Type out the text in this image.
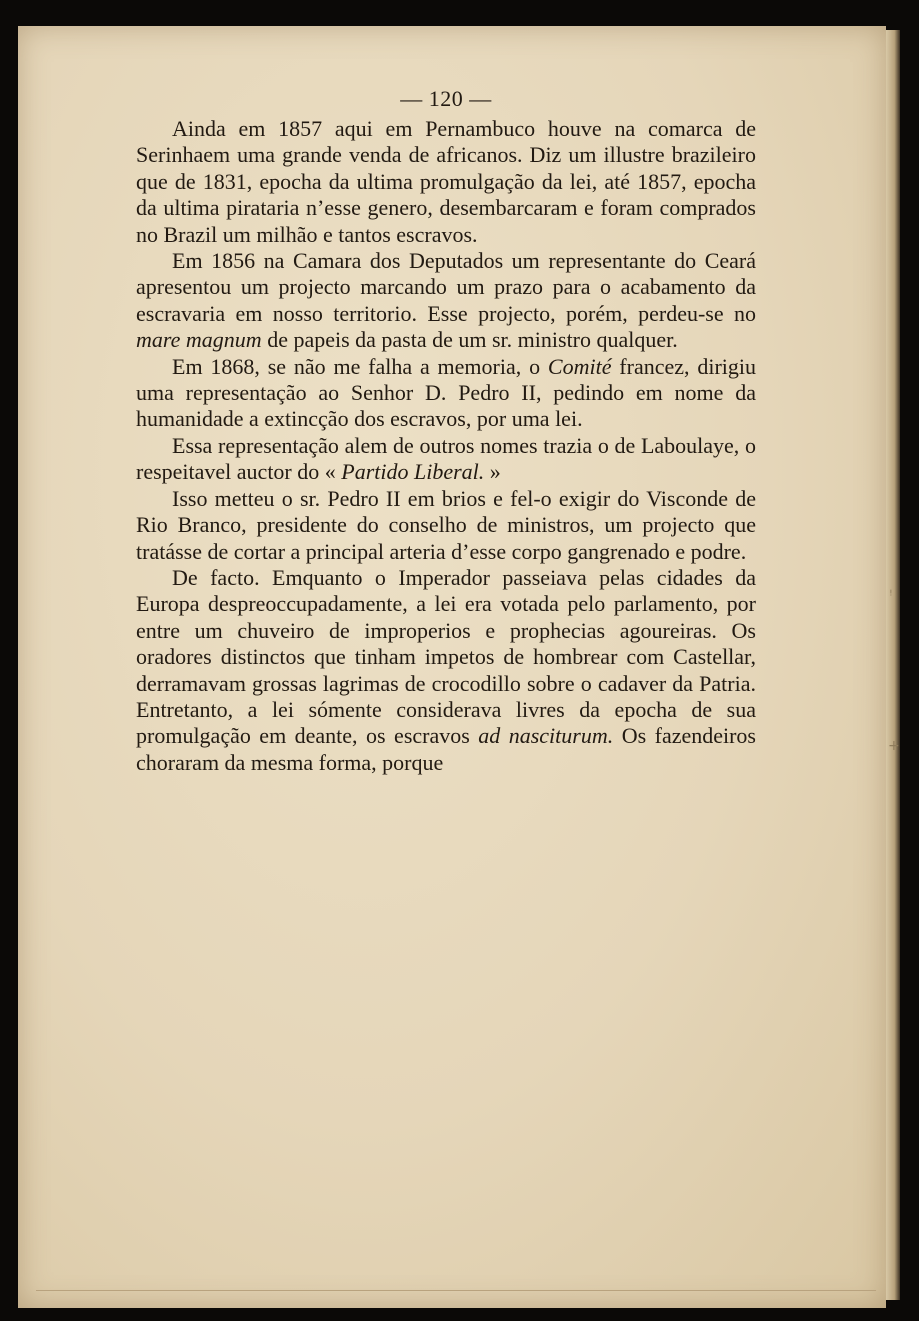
ꜝ
+
— 120 —

Ainda em 1857 aqui em Pernambuco houve na comarca de Serinhaem uma grande venda de africanos. Diz um illustre brazileiro que de 1831, epocha da ultima promulgação da lei, até 1857, epocha da ultima pirataria n’esse genero, desembarcaram e foram comprados no Brazil um milhão e tantos escravos.

Em 1856 na Camara dos Deputados um representante do Ceará apresentou um projecto marcando um prazo para o acabamento da escravaria em nosso territorio. Esse projecto, porém, perdeu-se no mare magnum de papeis da pasta de um sr. ministro qualquer.

Em 1868, se não me falha a memoria, o Comité francez, dirigiu uma representação ao Senhor D. Pedro II, pedindo em nome da humanidade a extincção dos escravos, por uma lei.

Essa representação alem de outros nomes trazia o de Laboulaye, o respeitavel auctor do « Partido Liberal. »

Isso metteu o sr. Pedro II em brios e fel-o exigir do Visconde de Rio Branco, presidente do conselho de ministros, um projecto que tratásse de cortar a principal arteria d’esse corpo gangrenado e podre.

De facto. Emquanto o Imperador passeiava pelas cidades da Europa despreoccupadamente, a lei era votada pelo parlamento, por entre um chuveiro de improperios e prophecias agoureiras. Os oradores distinctos que tinham impetos de hombrear com Castellar, derramavam grossas lagrimas de crocodillo sobre o cadaver da Patria. Entretanto, a lei sómente considerava livres da epocha de sua promulgação em deante, os escravos ad nasciturum. Os fazendeiros choraram da mesma forma, porque
